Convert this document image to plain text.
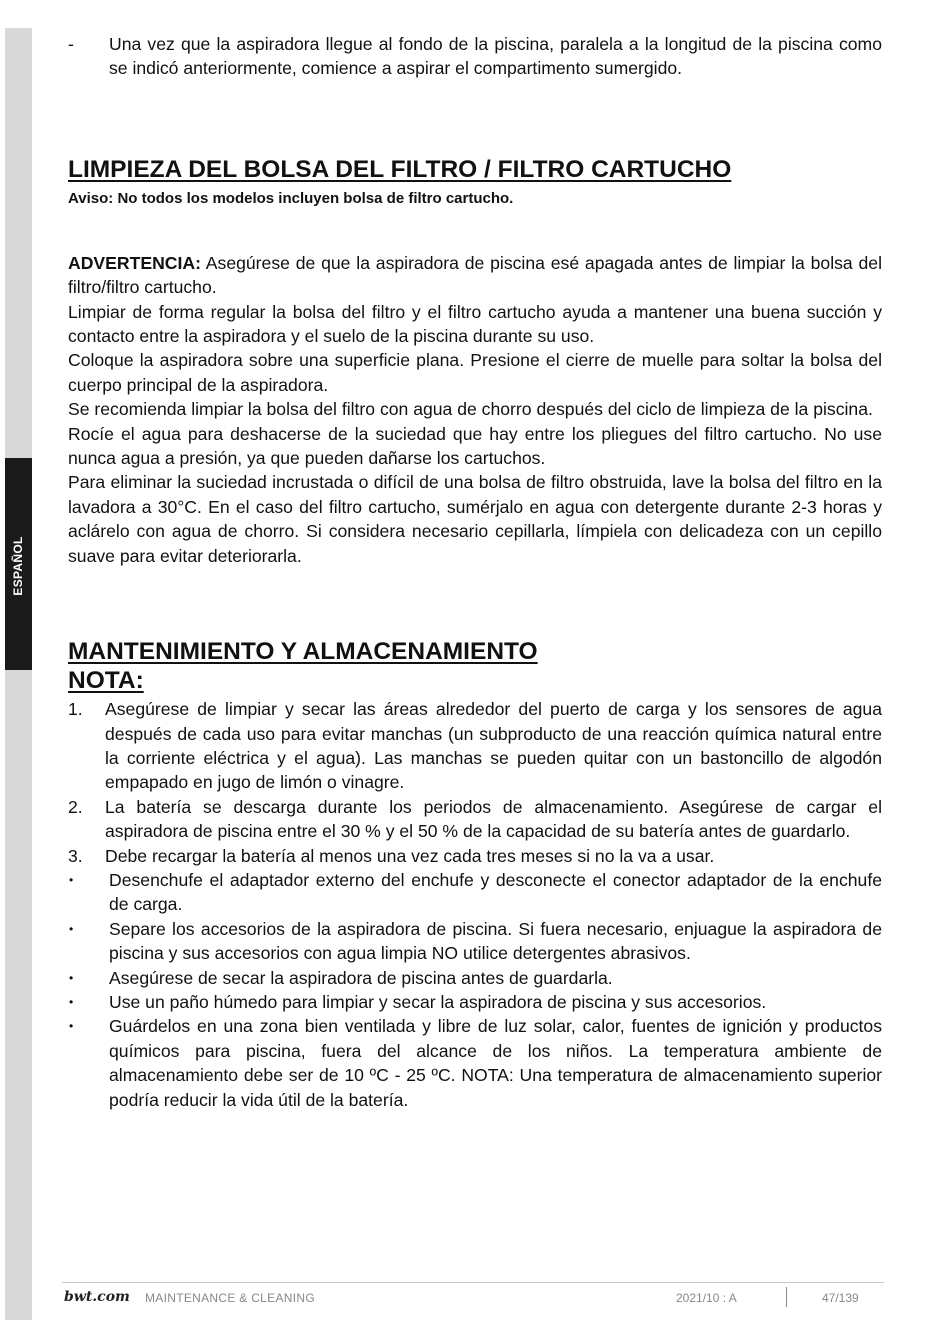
ESPAÑOL
- Una vez que la aspiradora llegue al fondo de la piscina, paralela a la longitud de la piscina como se indicó anteriormente, comience a aspirar el compartimento sumergido.
LIMPIEZA DEL BOLSA DEL FILTRO / FILTRO CARTUCHO
Aviso: No todos los modelos incluyen bolsa de filtro cartucho.

ADVERTENCIA: Asegúrese de que la aspiradora de piscina esé apagada antes de limpiar la bolsa del filtro/filtro cartucho.

Limpiar de forma regular la bolsa del filtro y el filtro cartucho ayuda a mantener una buena succión y contacto entre la aspiradora y el suelo de la piscina durante su uso.

Coloque la aspiradora sobre una superficie plana. Presione el cierre de muelle para soltar la bolsa del cuerpo principal de la aspiradora.

Se recomienda limpiar la bolsa del filtro con agua de chorro después del ciclo de limpieza de la piscina.

Rocíe el agua para deshacerse de la suciedad que hay entre los pliegues del filtro cartucho. No use nunca agua a presión, ya que pueden dañarse los cartuchos.

Para eliminar la suciedad incrustada o difícil de una bolsa de filtro obstruida, lave la bolsa del filtro en la lavadora a 30°C. En el caso del filtro cartucho, sumérjalo en agua con detergente durante 2-3 horas y aclárelo con agua de chorro. Si considera necesario cepillarla, límpiela con delicadeza con un cepillo suave para evitar deteriorarla.

MANTENIMIENTO Y ALMACENAMIENTO
NOTA:
1. Asegúrese de limpiar y secar las áreas alrededor del puerto de carga y los sensores de agua después de cada uso para evitar manchas (un subproducto de una reacción química natural entre la corriente eléctrica y el agua). Las manchas se pueden quitar con un bastoncillo de algodón empapado en jugo de limón o vinagre.
2. La batería se descarga durante los periodos de almacenamiento. Asegúrese de cargar el aspiradora de piscina entre el 30 % y el 50 % de la capacidad de su batería antes de guardarlo.
3. Debe recargar la batería al menos una vez cada tres meses si no la va a usar.
• Desenchufe el adaptador externo del enchufe y desconecte el conector adaptador de la enchufe de carga.
• Separe los accesorios de la aspiradora de piscina. Si fuera necesario, enjuague la aspiradora de piscina y sus accesorios con agua limpia NO utilice detergentes abrasivos.
• Asegúrese de secar la aspiradora de piscina antes de guardarla.
• Use un paño húmedo para limpiar y secar la aspiradora de piscina y sus accesorios.
• Guárdelos en una zona bien ventilada y libre de luz solar, calor, fuentes de ignición y productos químicos para piscina, fuera del alcance de los niños. La temperatura ambiente de almacenamiento debe ser de 10 ºC - 25 ºC. NOTA: Una temperatura de almacenamiento superior podría reducir la vida útil de la batería.
bwt.com MAINTENANCE & CLEANING	2021/10 : A	47/139
